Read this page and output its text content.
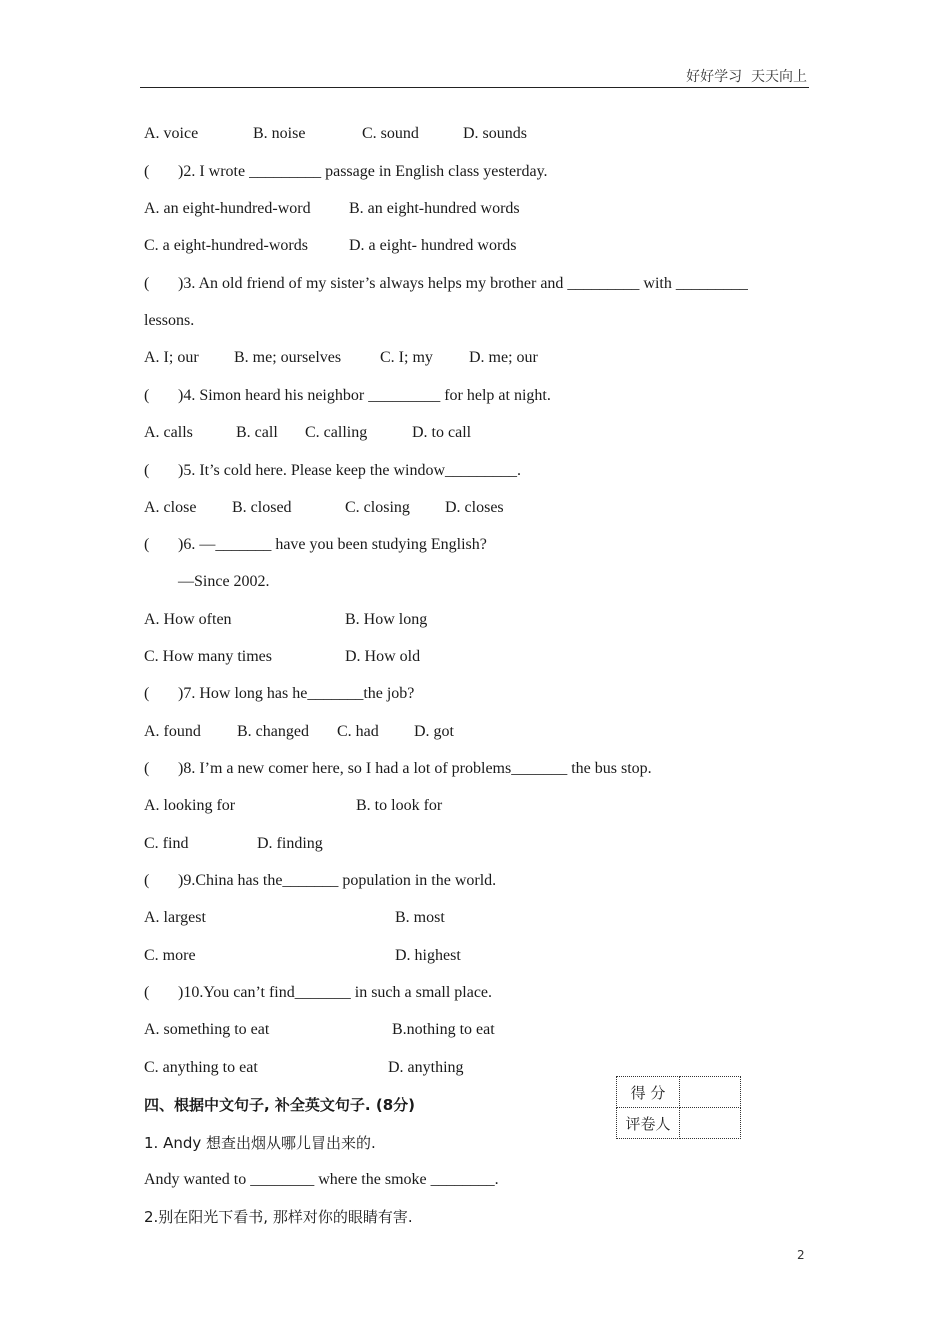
好好学习  天天向上
A. voice	B. noise	C. sound	D. sounds
(	)2. I wrote _________ passage in English class yesterday.
A. an eight-hundred-word B. an eight-hundred words
C. a eight-hundred-words	D. a eight- hundred words
(	)3. An old friend of my sister’s always helps my brother and _________ with _________
lessons.
A. I; our B. me; ourselves C. I; my D. me; our
(	)4. Simon heard his neighbor _________ for help at night.
A. calls	B. call C. calling	D. to call
(	)5. It’s cold here. Please keep the window_________.
A. close B. closed	C. closing D. closes
(	)6. —_______ have you been studying English?
—Since 2002.
A. How often	B. How long
C. How many times	D. How old
(	)7. How long has he_______the job?
A. found B. changed C. had D. got
(	)8. I’m a new comer here, so I had a lot of problems_______ the bus stop.
A. looking for	B. to look for
C. find	D. finding
(	)9.China has the_______ population in the world.
A. largest	B. most
C. more	D. highest
(	)10.You can’t find_______ in such a small place.
A. something to eat	B.nothing to eat
C. anything to eat	D. anything
四、根据中文句子, 补全英文句子. (8分)
得 分	
评卷人	
1. Andy 想查出烟从哪儿冒出来的.
Andy wanted to ________ where the smoke ________.
2.别在阳光下看书, 那样对你的眼睛有害.
2
